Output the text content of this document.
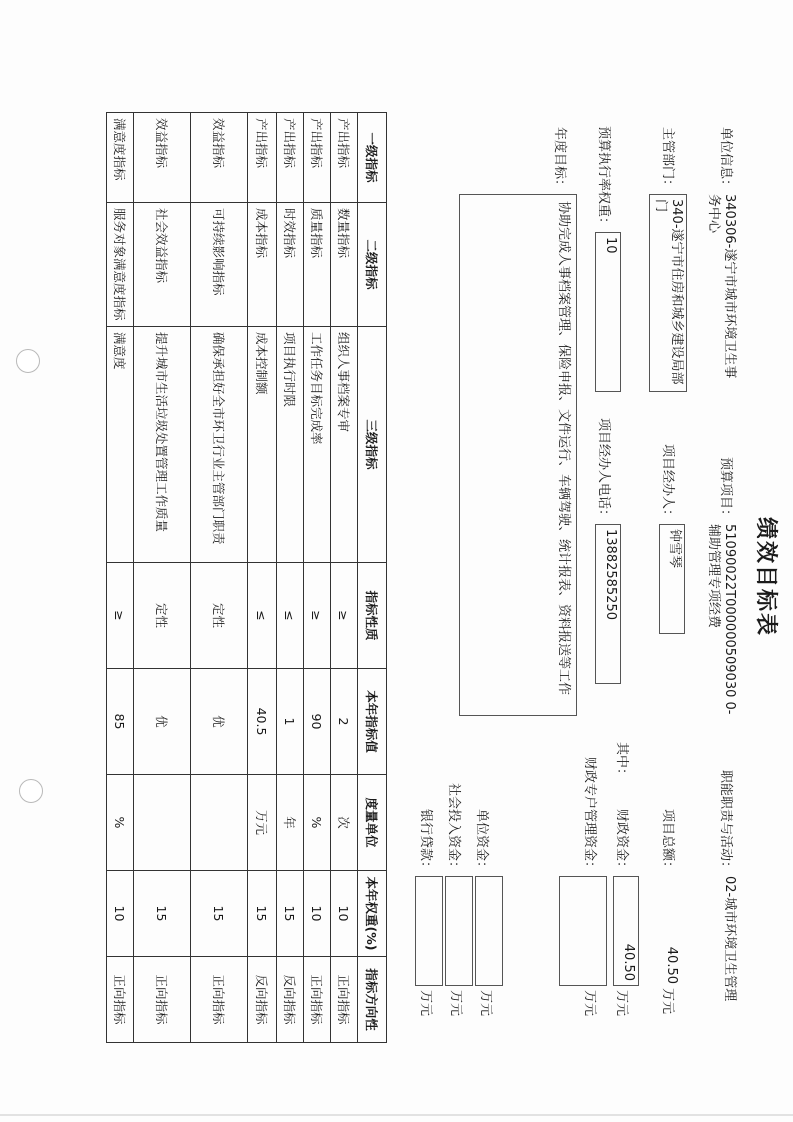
绩效目标表
单位信息：
340306-遂宁市城市环境卫生事务中心
预算项目：
51090022T000000509030 0-辅助管理专项经费
职能职责与活动：
02-城市环境卫生管理
主管部门：
340-遂宁市住房和城乡建设局部门
项目经办人：
钟雪琴
项目总额：
40.50
万元
其中：
财政资金：
40.50
万元
预算执行率权重：
10
项目经办人电话：
13882585250
财政专户管理资金：
万元
年度目标：
协助完成人事档案管理、保险申报、文件运行、车辆驾驶、统计报表、资料报送等工作
单位资金：
万元
社会投入资金：
万元
银行贷款：
万元
一级指标	二级指标	三级指标	指标性质	本年指标值	度量单位	本年权重(%)	指标方向性
产出指标	数量指标	组织人事档案专审	≥	2	次	10	正向指标
产出指标	质量指标	工作任务目标完成率	≥	90	%	10	正向指标
产出指标	时效指标	项目执行时限	≤	1	年	15	反向指标
产出指标	成本指标	成本控制额	≤	40.5	万元	15	反向指标
效益指标	可持续影响指标	确保承担好全市环卫行业主管部门职责	定性	优		15	正向指标
效益指标	社会效益指标	提升城市生活垃圾处置管理工作质量	定性	优		15	正向指标
满意度指标	服务对象满意度指标	满意度	≥	85	%	10	正向指标
